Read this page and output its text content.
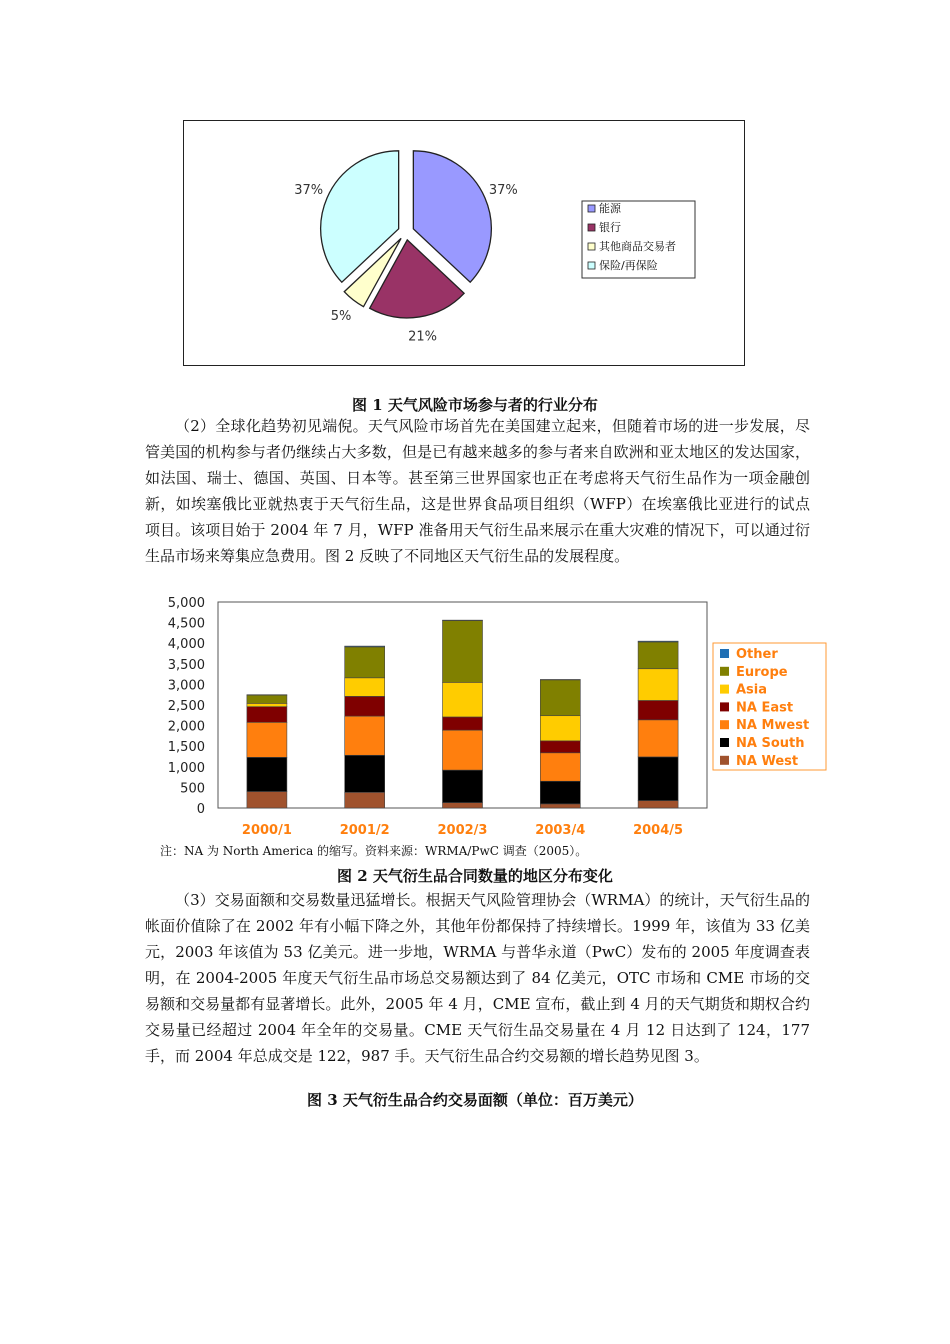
37%
21%
5%
37%
能源
银行
其他商品交易者
保险/再保险
图 1 天气风险市场参与者的行业分布

（2）全球化趋势初见端倪。天气风险市场首先在美国建立起来，但随着市场的进一步发展，尽管美国的机构参与者仍继续占大多数，但是已有越来越多的参与者来自欧洲和亚太地区的发达国家，如法国、瑞士、德国、英国、日本等。甚至第三世界国家也正在考虑将天气衍生品作为一项金融创新，如埃塞俄比亚就热衷于天气衍生品，这是世界食品项目组织（WFP）在埃塞俄比亚进行的试点项目。该项目始于 2004 年 7 月，WFP 准备用天气衍生品来展示在重大灾难的情况下，可以通过衍生品市场来筹集应急费用。图 2 反映了不同地区天气衍生品的发展程度。

0
500
1,000
1,500
2,000
2,500
3,000
3,500
4,000
4,500
5,000
2000/1	2001/2	2002/3	2003/4	2004/5
Other
Europe
Asia
NA East
NA Mwest
NA South
NA West
注：NA 为 North America 的缩写。资料来源：WRMA/PwC 调查（2005）。
图 2 天气衍生品合同数量的地区分布变化

（3）交易面额和交易数量迅猛增长。根据天气风险管理协会（WRMA）的统计，天气衍生品的帐面价值除了在 2002 年有小幅下降之外，其他年份都保持了持续增长。1999 年，该值为 33 亿美元，2003 年该值为 53 亿美元。进一步地，WRMA 与普华永道（PwC）发布的 2005 年度调查表明，在 2004-2005 年度天气衍生品市场总交易额达到了 84 亿美元，OTC 市场和 CME 市场的交易额和交易量都有显著增长。此外，2005 年 4 月，CME 宣布，截止到 4 月的天气期货和期权合约交易量已经超过 2004 年全年的交易量。CME 天气衍生品交易量在 4 月 12 日达到了 124，177 手，而 2004 年总成交是 122，987 手。天气衍生品合约交易额的增长趋势见图 3。

图 3 天气衍生品合约交易面额（单位：百万美元）
